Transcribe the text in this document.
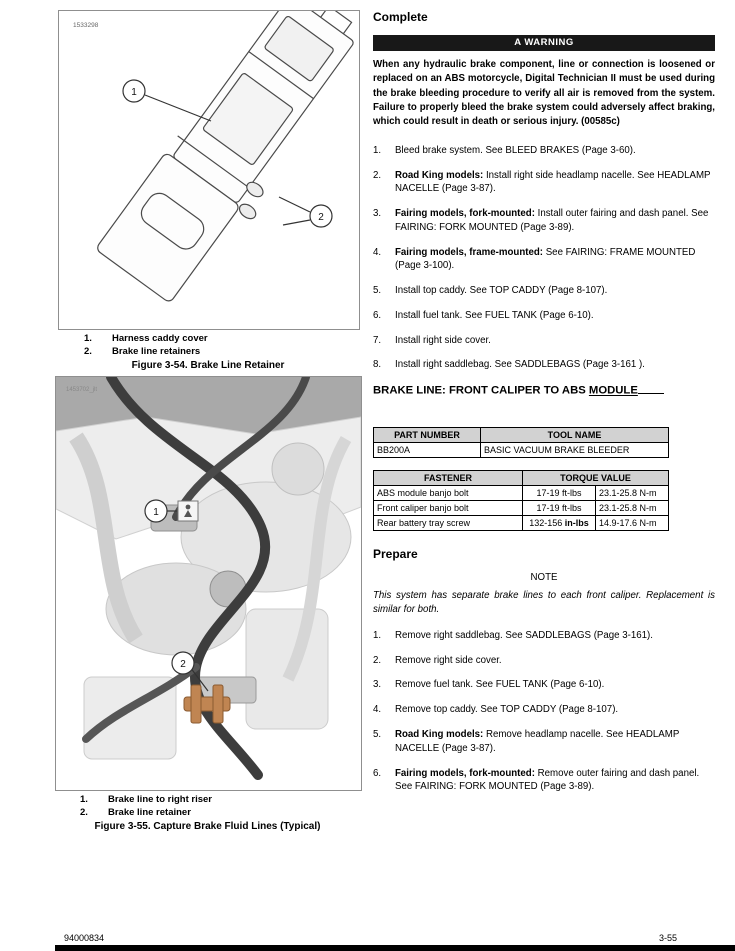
1533298
1
2
1.	Harness caddy cover
2.	Brake line retainers
Figure 3-54. Brake Line Retainer
1
2
1453702_jlt
1.	Brake line to right riser
2.	Brake line retainer
Figure 3-55. Capture Brake Fluid Lines (Typical)
Complete
A WARNING
When any hydraulic brake component, line or connection is loosened or replaced on an ABS motorcycle, Digital Technician II must be used during the brake bleeding procedure to verify all air is removed from the system. Failure to properly bleed the brake system could adversely affect braking, which could result in death or serious injury. (00585c)
1.	Bleed brake system. See BLEED BRAKES (Page 3-60).
2.	Road King models: Install right side headlamp nacelle. See HEADLAMP NACELLE (Page 3-87).
3.	Fairing models, fork-mounted: Install outer fairing and dash panel. See FAIRING: FORK MOUNTED (Page 3-89).
4.	Fairing models, frame-mounted: See FAIRING: FRAME MOUNTED (Page 3-100).
5.	Install top caddy. See TOP CADDY (Page 8-107).
6.	Install fuel tank. See FUEL TANK (Page 6-10).
7.	Install right side cover.
8.	Install right saddlebag. See SADDLEBAGS (Page 3-161 ).
BRAKE LINE: FRONT CALIPER TO ABS MODULE
PART NUMBER	TOOL NAME
BB200A	BASIC VACUUM BRAKE BLEEDER
FASTENER	TORQUE VALUE	
ABS module banjo bolt	17-19 ft-lbs	23.1-25.8 N-m
Front caliper banjo bolt	17-19 ft-lbs	23.1-25.8 N-m
Rear battery tray screw	132-156 in-lbs	14.9-17.6 N-m
Prepare
NOTE
This system has separate brake lines to each front caliper. Replacement is similar for both.
1.	Remove right saddlebag. See SADDLEBAGS (Page 3-161).
2.	Remove right side cover.
3.	Remove fuel tank. See FUEL TANK (Page 6-10).
4.	Remove top caddy. See TOP CADDY (Page 8-107).
5.	Road King models: Remove headlamp nacelle. See HEADLAMP NACELLE (Page 3-87).
6.	Fairing models, fork-mounted: Remove outer fairing and dash panel. See FAIRING: FORK MOUNTED (Page 3-89).
94000834	3-55
